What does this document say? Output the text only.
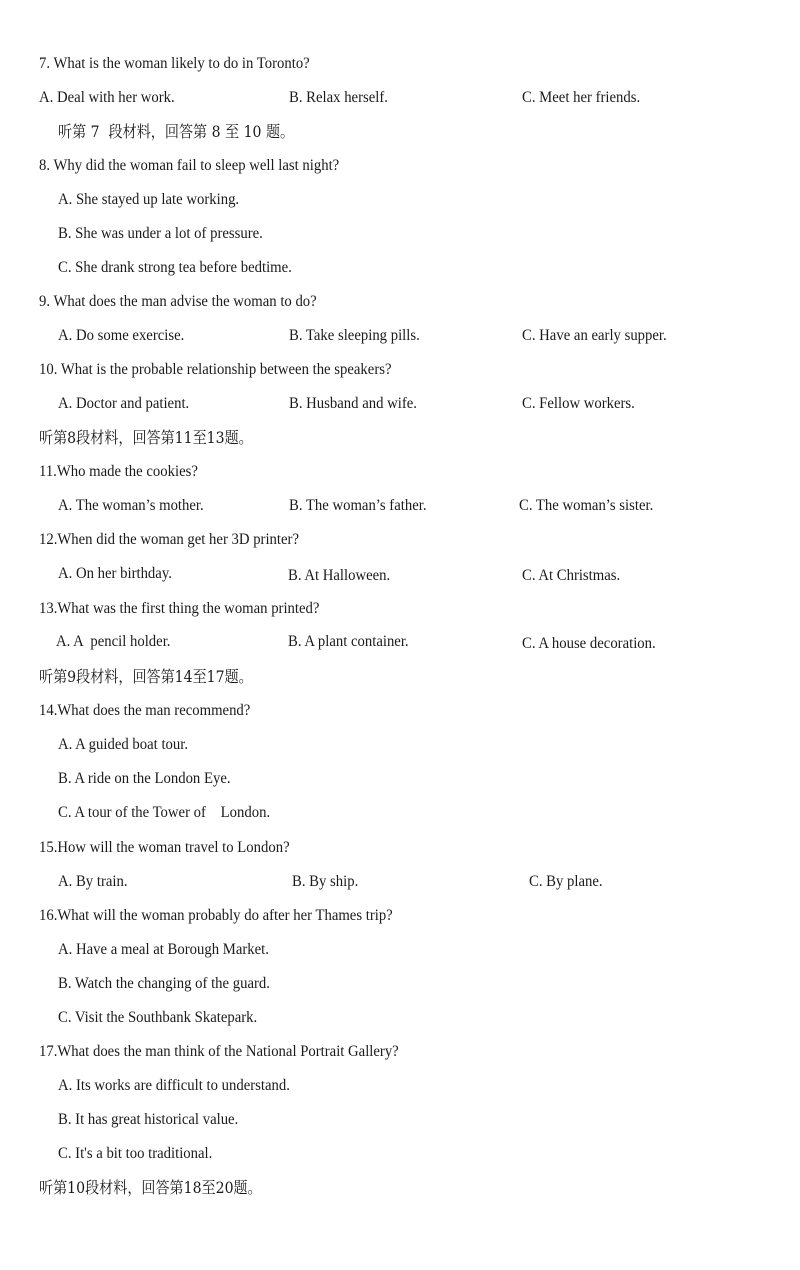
7. What is the woman likely to do in Toronto?
A. Deal with her work.	B. Relax herself.	C. Meet her friends.
听第 7  段材料，回答第 8 至 10 题。
8. Why did the woman fail to sleep well last night?
A. She stayed up late working.
B. She was under a lot of pressure.
C. She drank strong tea before bedtime.
9. What does the man advise the woman to do?
A. Do some exercise.	B. Take sleeping pills.	C. Have an early supper.
10. What is the probable relationship between the speakers?
A. Doctor and patient.	B. Husband and wife.	C. Fellow workers.
听第8段材料，回答第11至13题。
11.Who made the cookies?
A. The woman’s mother.	B. The woman’s father.	C. The woman’s sister.
12.When did the woman get her 3D printer?
A. On her birthday.	B. At Halloween.	C. At Christmas.
13.What was the first thing the woman printed?
A. A  pencil holder.	B. A plant container.	C. A house decoration.
听第9段材料，回答第14至17题。
14.What does the man recommend?
A. A guided boat tour.
B. A ride on the London Eye.
C. A tour of the Tower of    London.
15.How will the woman travel to London?
A. By train.	B. By ship.	C. By plane.
16.What will the woman probably do after her Thames trip?
A. Have a meal at Borough Market.
B. Watch the changing of the guard.
C. Visit the Southbank Skatepark.
17.What does the man think of the National Portrait Gallery?
A. Its works are difficult to understand.
B. It has great historical value.
C. It's a bit too traditional.
听第10段材料，回答第18至20题。
